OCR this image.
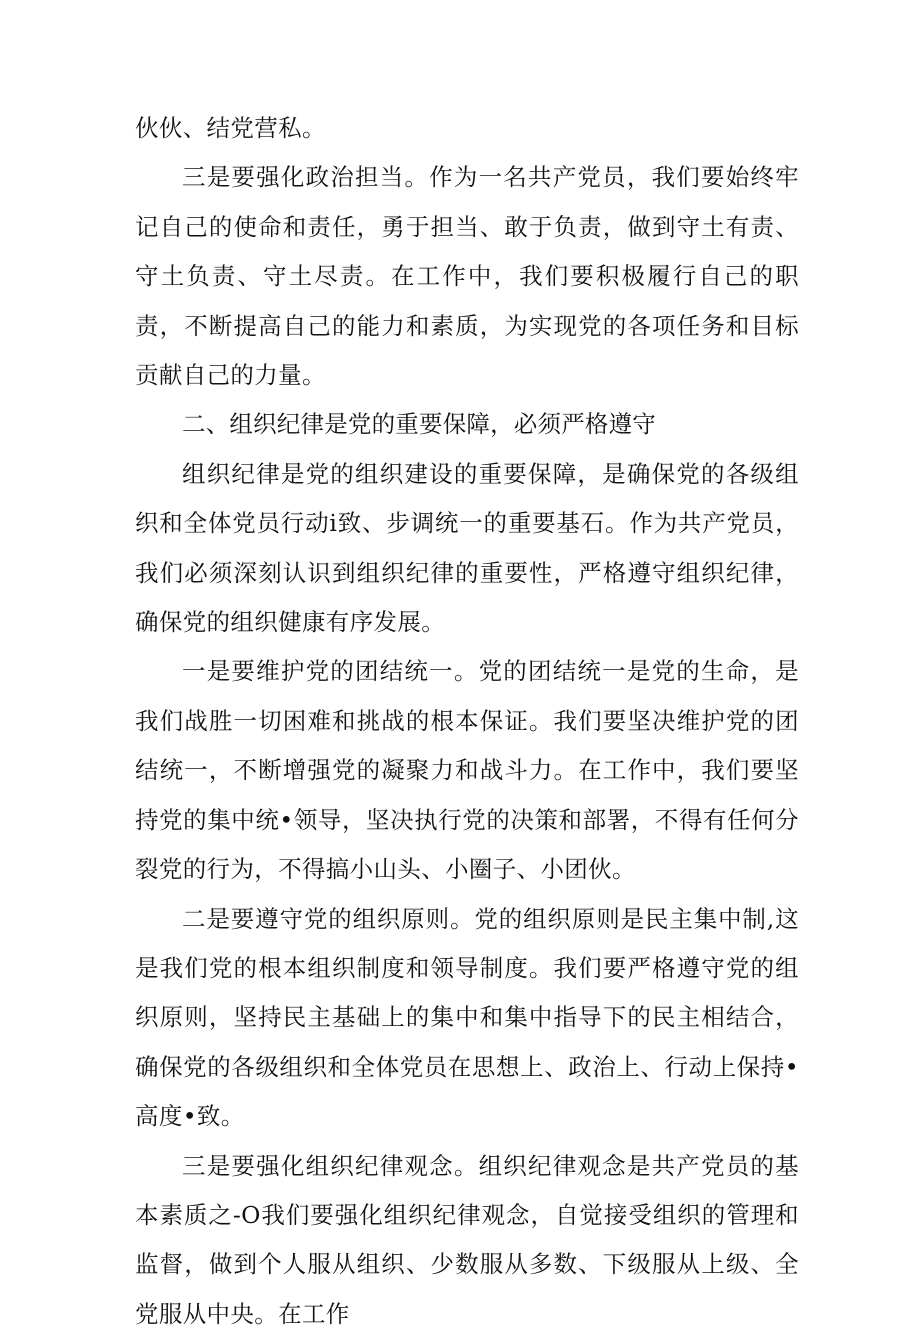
伙伙、结党营私。

三是要强化政治担当。作为一名共产党员，我们要始终牢记自己的使命和责任，勇于担当、敢于负责，做到守土有责、守土负责、守土尽责。在工作中，我们要积极履行自己的职责，不断提高自己的能力和素质，为实现党的各项任务和目标贡献自己的力量。

二、组织纪律是党的重要保障，必须严格遵守

组织纪律是党的组织建设的重要保障，是确保党的各级组织和全体党员行动i致、步调统一的重要基石。作为共产党员，我们必须深刻认识到组织纪律的重要性，严格遵守组织纪律，确保党的组织健康有序发展。

一是要维护党的团结统一。党的团结统一是党的生命，是我们战胜一切困难和挑战的根本保证。我们要坚决维护党的团结统一，不断增强党的凝聚力和战斗力。在工作中，我们要坚持党的集中统•领导，坚决执行党的决策和部署，不得有任何分裂党的行为，不得搞小山头、小圈子、小团伙。

二是要遵守党的组织原则。党的组织原则是民主集中制,这是我们党的根本组织制度和领导制度。我们要严格遵守党的组织原则，坚持民主基础上的集中和集中指导下的民主相结合，确保党的各级组织和全体党员在思想上、政治上、行动上保持•高度•致。

三是要强化组织纪律观念。组织纪律观念是共产党员的基本素质之-O我们要强化组织纪律观念，自觉接受组织的管理和监督，做到个人服从组织、少数服从多数、下级服从上级、全党服从中央。在工作
